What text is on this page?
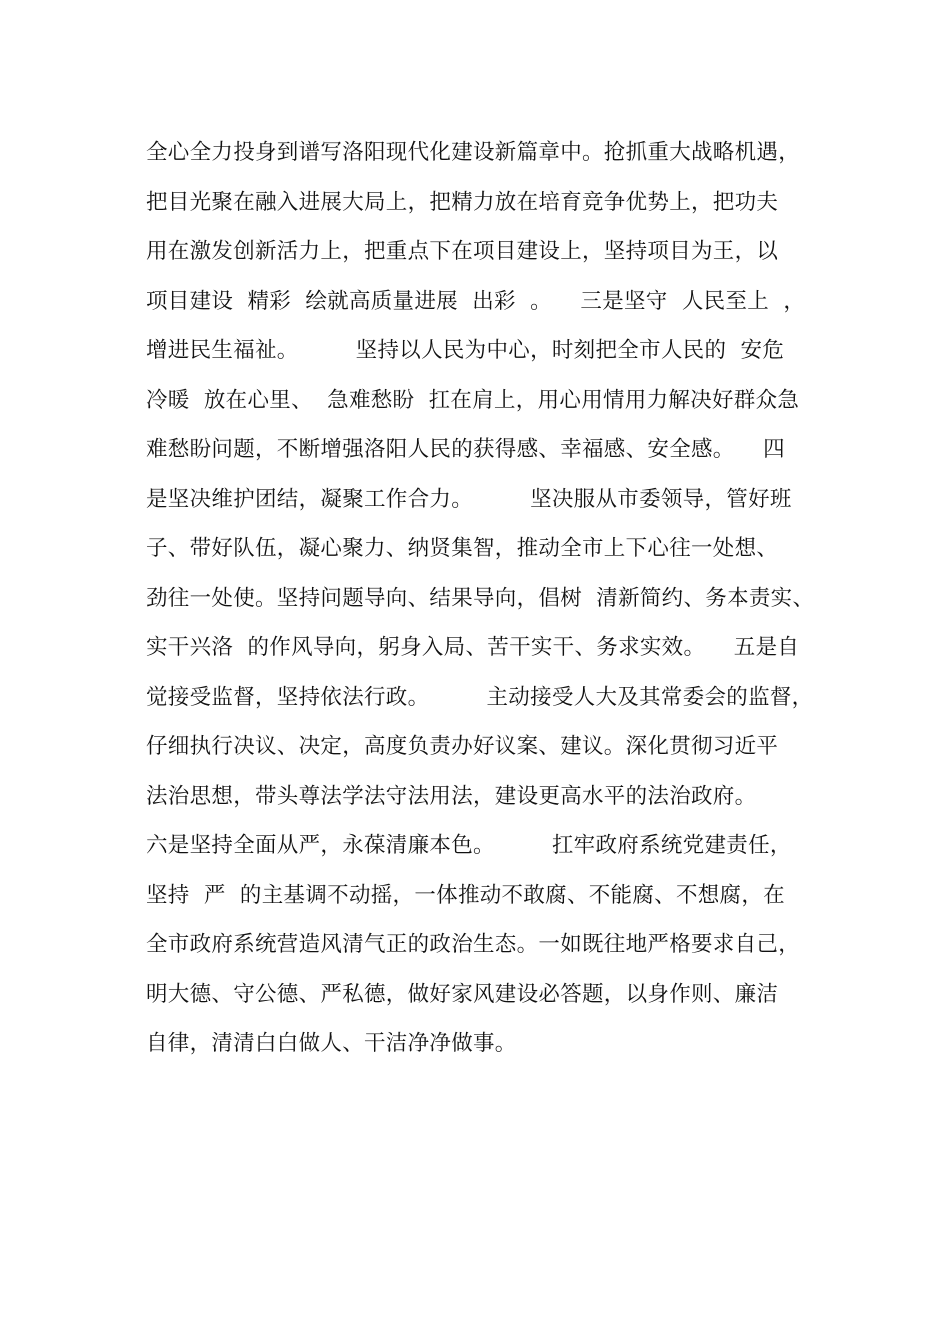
全心全力投身到谱写洛阳现代化建设新篇章中。抢抓重大战略机遇，
把目光聚在融入进展大局上，把精力放在培育竞争优势上，把功夫
用在激发创新活力上，把重点下在项目建设上，坚持项目为王，以
项目建设  精彩  绘就高质量进展  出彩  。    三是坚守  人民至上  ，
增进民生福祉。        坚持以人民为中心，时刻把全市人民的  安危
冷暖  放在心里、  急难愁盼  扛在肩上，用心用情用力解决好群众急
难愁盼问题，不断增强洛阳人民的获得感、幸福感、安全感。    四
是坚决维护团结，凝聚工作合力。        坚决服从市委领导，管好班
子、带好队伍，凝心聚力、纳贤集智，推动全市上下心往一处想、
劲往一处使。坚持问题导向、结果导向，倡树  清新简约、务本责实、
实干兴洛  的作风导向，躬身入局、苦干实干、务求实效。    五是自
觉接受监督，坚持依法行政。        主动接受人大及其常委会的监督，
仔细执行决议、决定，高度负责办好议案、建议。深化贯彻习近平
法治思想，带头尊法学法守法用法，建设更高水平的法治政府。
六是坚持全面从严，永葆清廉本色。        扛牢政府系统党建责任，
坚持  严  的主基调不动摇，一体推动不敢腐、不能腐、不想腐，在
全市政府系统营造风清气正的政治生态。一如既往地严格要求自己，
明大德、守公德、严私德，做好家风建设必答题，以身作则、廉洁
自律，清清白白做人、干洁净净做事。
